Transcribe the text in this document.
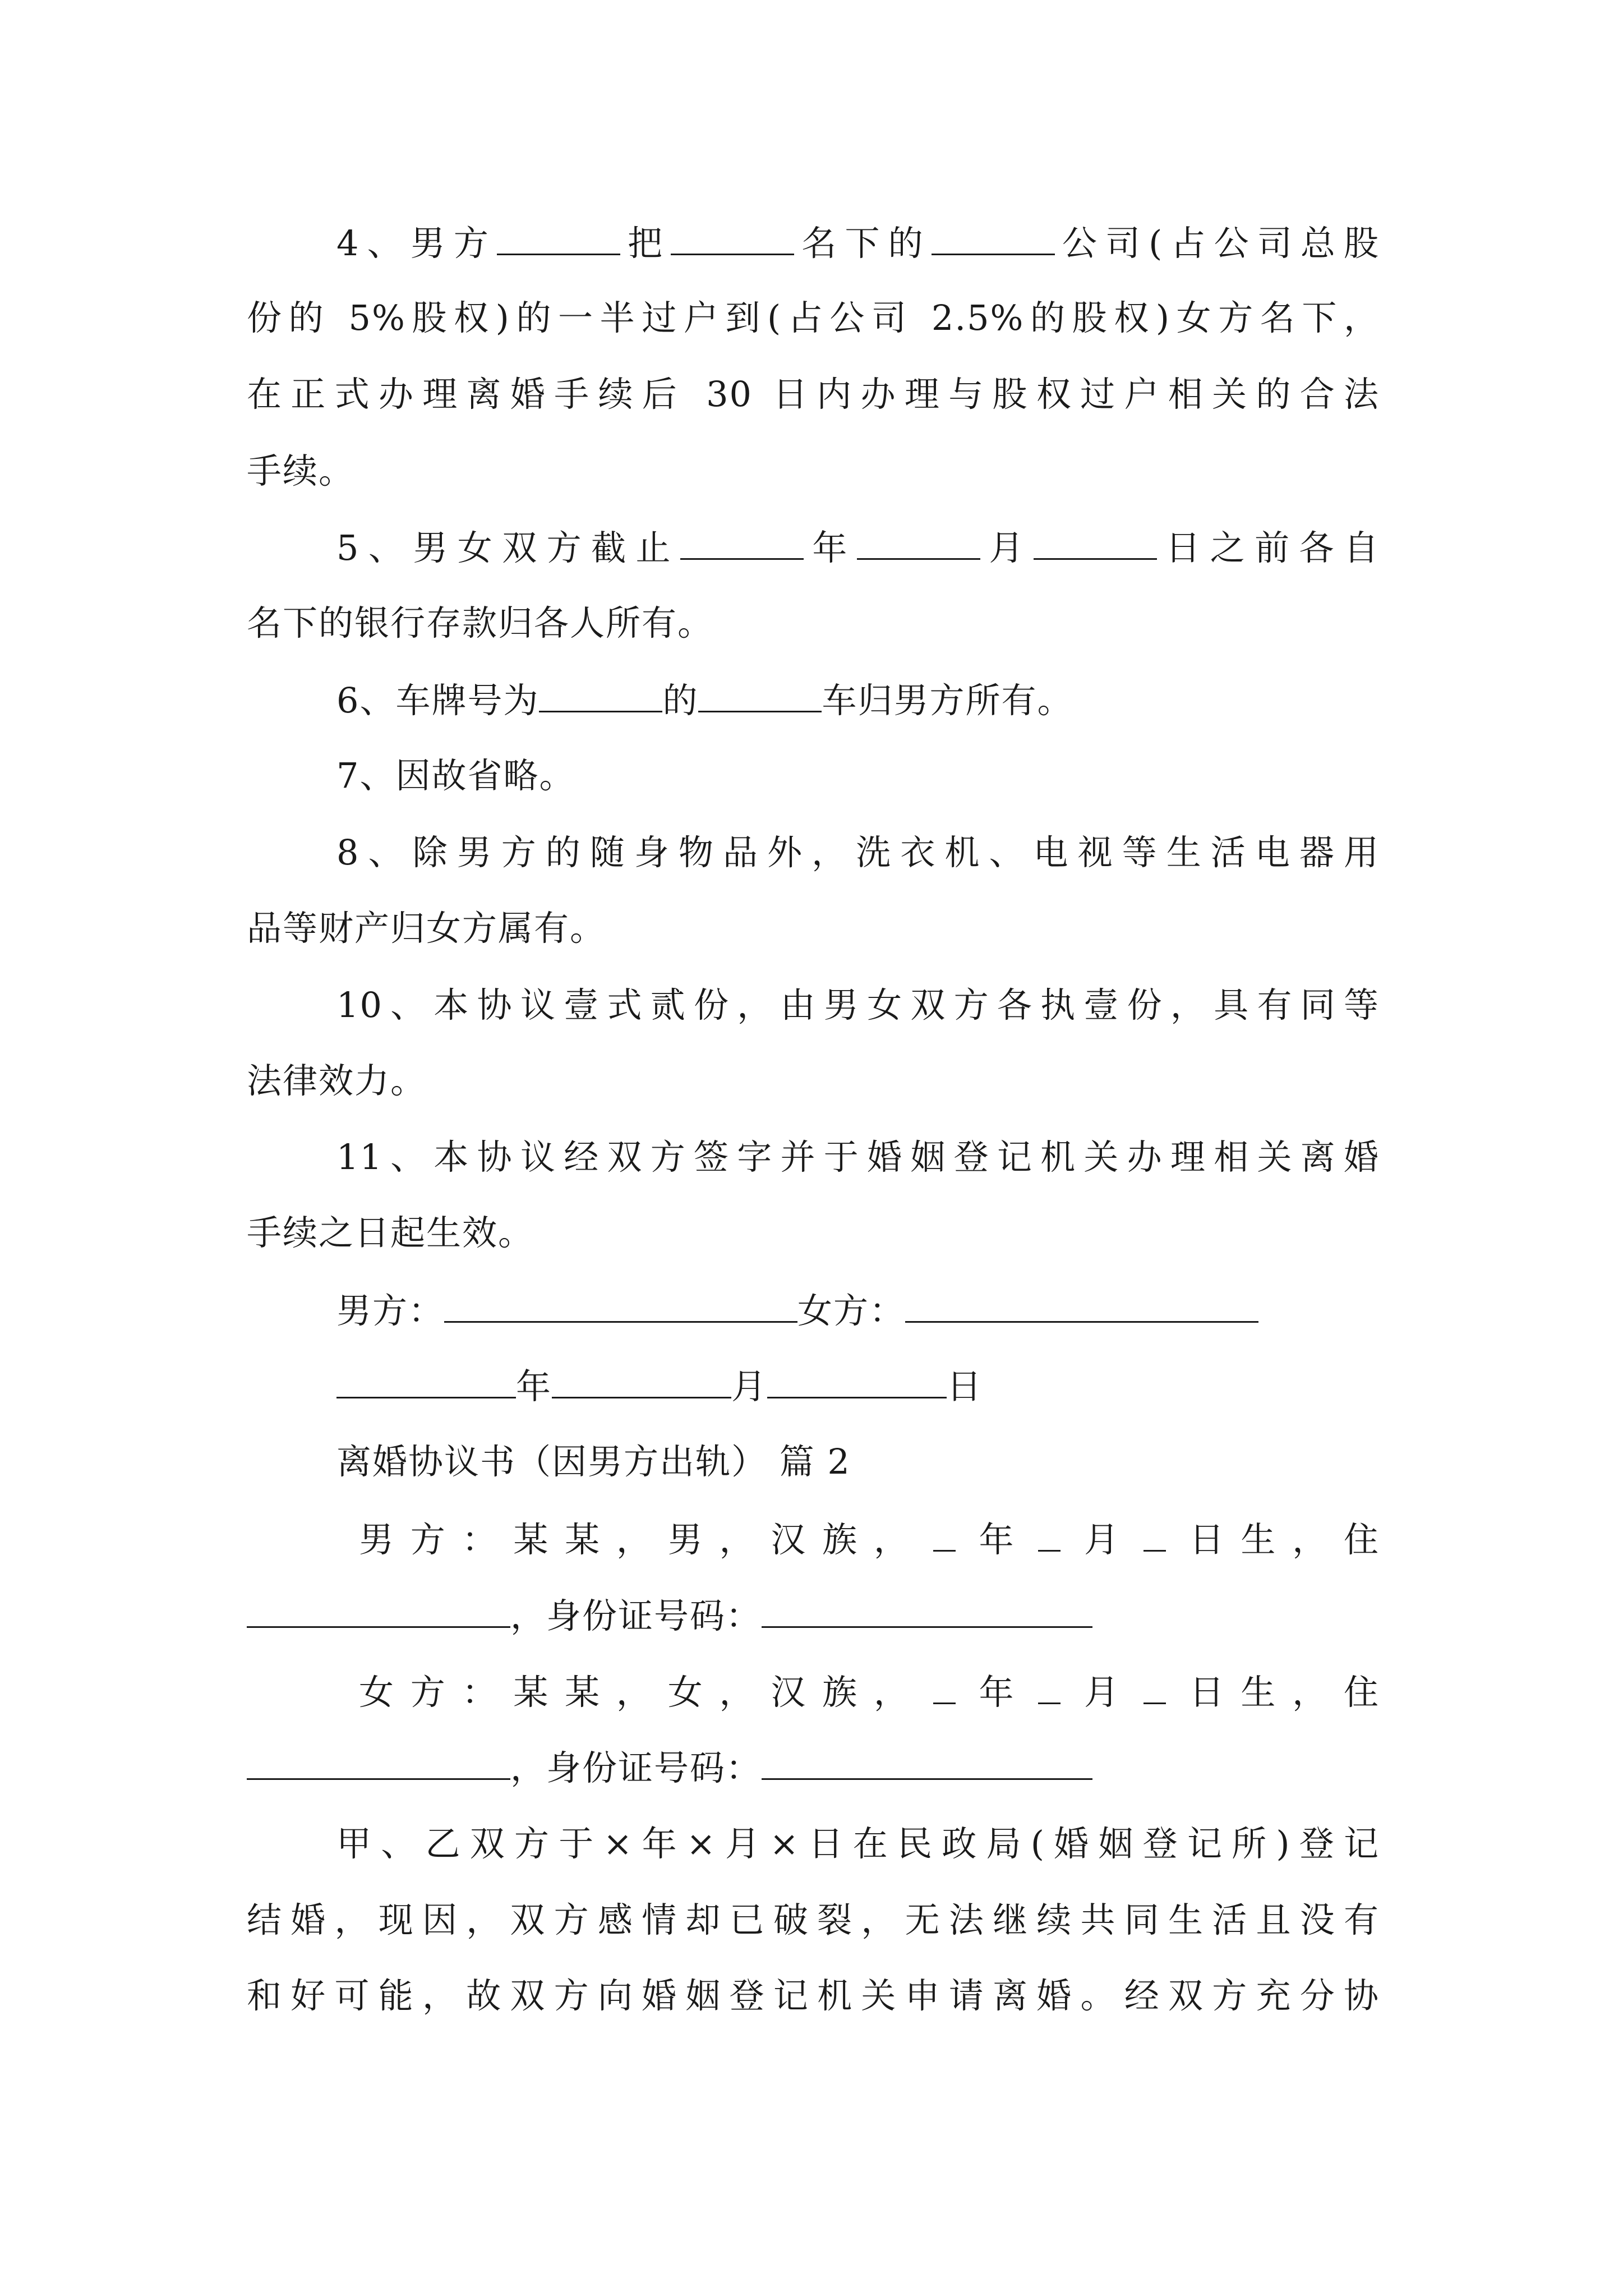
4、男方	把	名下的	公司(占公司总股
份的 5%股权)的一半过户到(占公司 2.5%的股权)女方名下，
在正式办理离婚手续后 30 日内办理与股权过户相关的合法
手续。
5、男女双方截止	年	月	日之前各自
名下的银行存款归各人所有。
6、车牌号为	的	车归男方所有。
7、因故省略。
8、除男方的随身物品外，洗衣机、电视等生活电器用
品等财产归女方属有。
10、本协议壹式贰份，由男女双方各执壹份，具有同等
法律效力。
11、本协议经双方签字并于婚姻登记机关办理相关离婚
手续之日起生效。
男方：	女方：
年	月	日
离婚协议书（因男方出轨） 篇 2
男方：某某，男，汉族， 年 月 日生，住
，身份证号码：
女方：某某，女，汉族， 年 月 日生，住
，身份证号码：
甲、乙双方于×年×月×日在民政局(婚姻登记所)登记
结婚，现因，双方感情却已破裂，无法继续共同生活且没有
和好可能，故双方向婚姻登记机关申请离婚。经双方充分协
